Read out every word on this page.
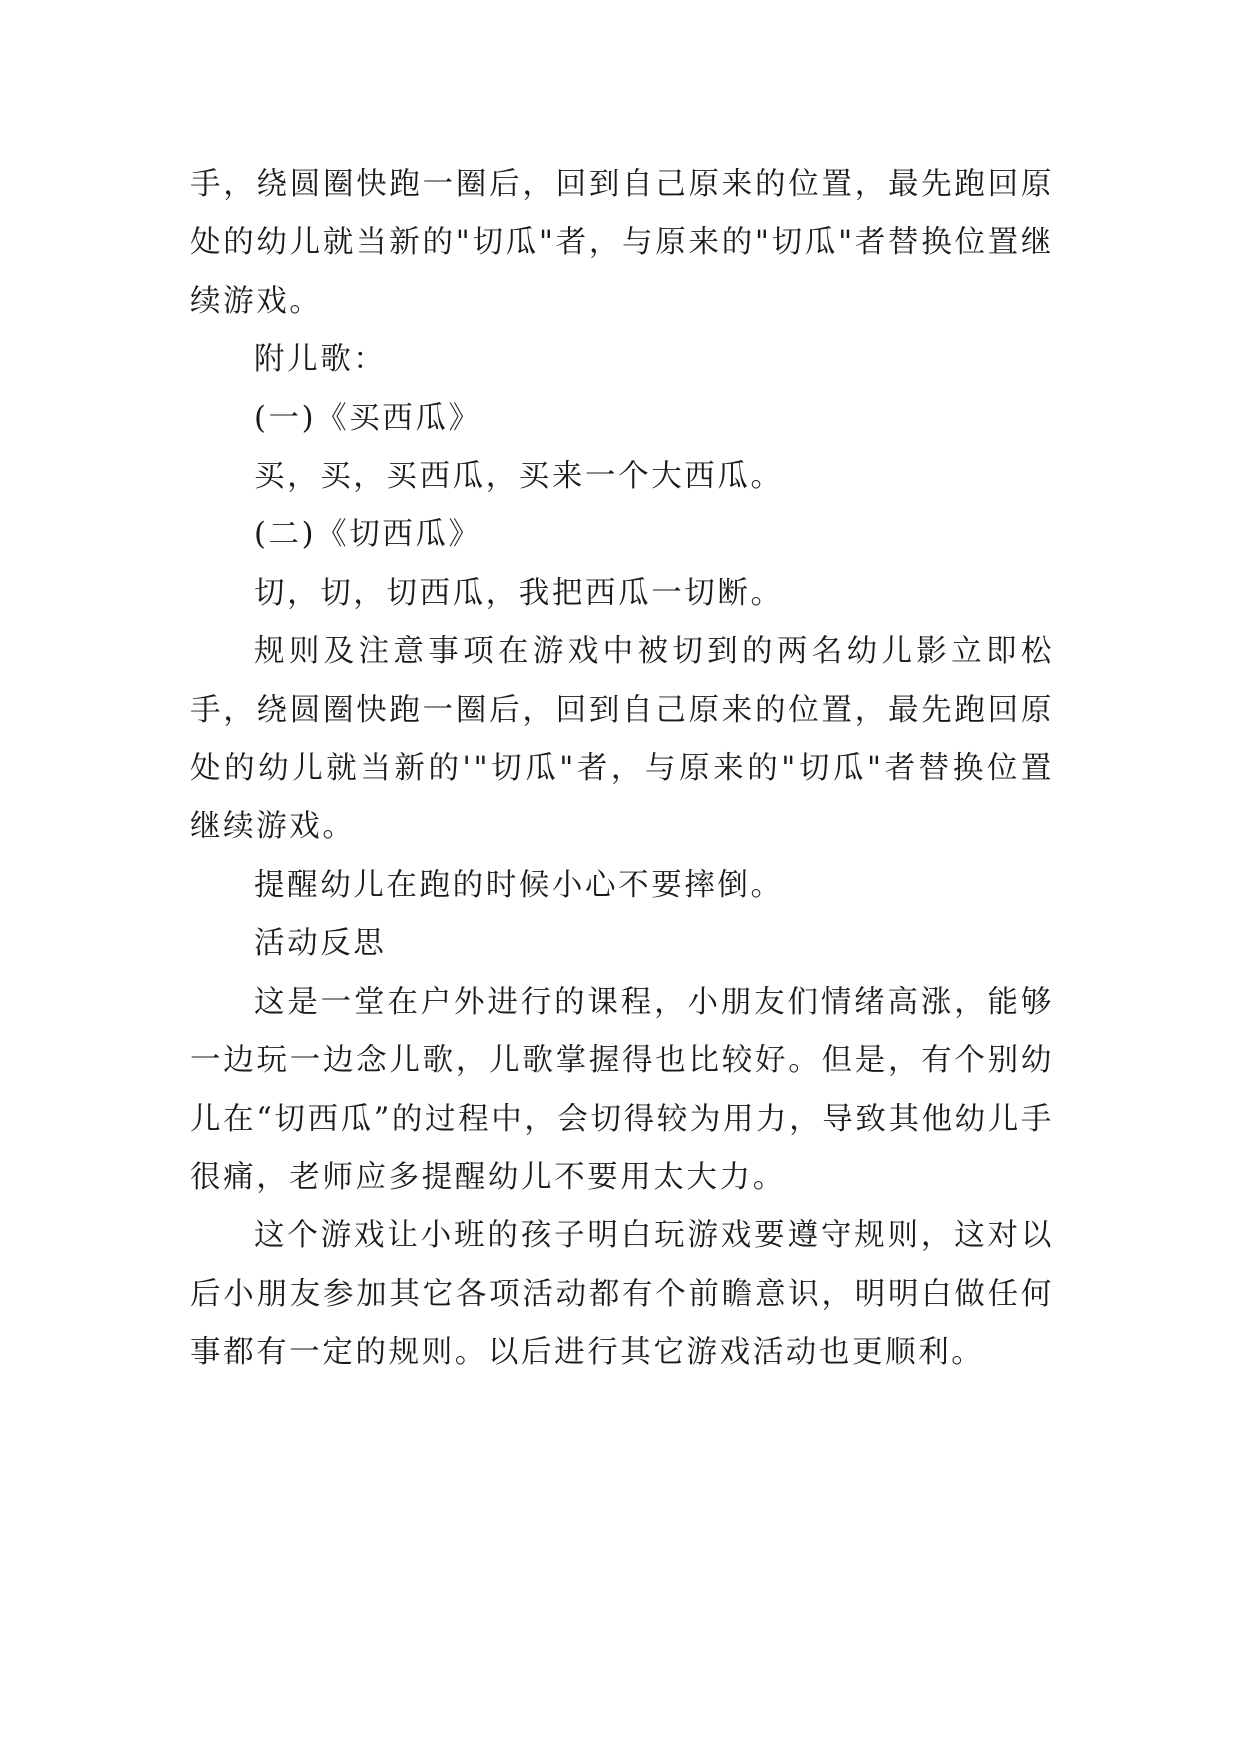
手，绕圆圈快跑一圈后，回到自己原来的位置，最先跑回原处的幼儿就当新的"切瓜"者，与原来的"切瓜"者替换位置继续游戏。

附儿歌：

(一)《买西瓜》

买，买，买西瓜，买来一个大西瓜。

(二)《切西瓜》

切，切，切西瓜，我把西瓜一切断。

规则及注意事项在游戏中被切到的两名幼儿影立即松手，绕圆圈快跑一圈后，回到自己原来的位置，最先跑回原处的幼儿就当新的'"切瓜"者，与原来的"切瓜"者替换位置继续游戏。

提醒幼儿在跑的时候小心不要摔倒。

活动反思

这是一堂在户外进行的课程，小朋友们情绪高涨，能够一边玩一边念儿歌，儿歌掌握得也比较好。但是，有个别幼儿在“切西瓜”的过程中，会切得较为用力，导致其他幼儿手很痛，老师应多提醒幼儿不要用太大力。

这个游戏让小班的孩子明白玩游戏要遵守规则，这对以后小朋友参加其它各项活动都有个前瞻意识，明明白做任何事都有一定的规则。以后进行其它游戏活动也更顺利。
